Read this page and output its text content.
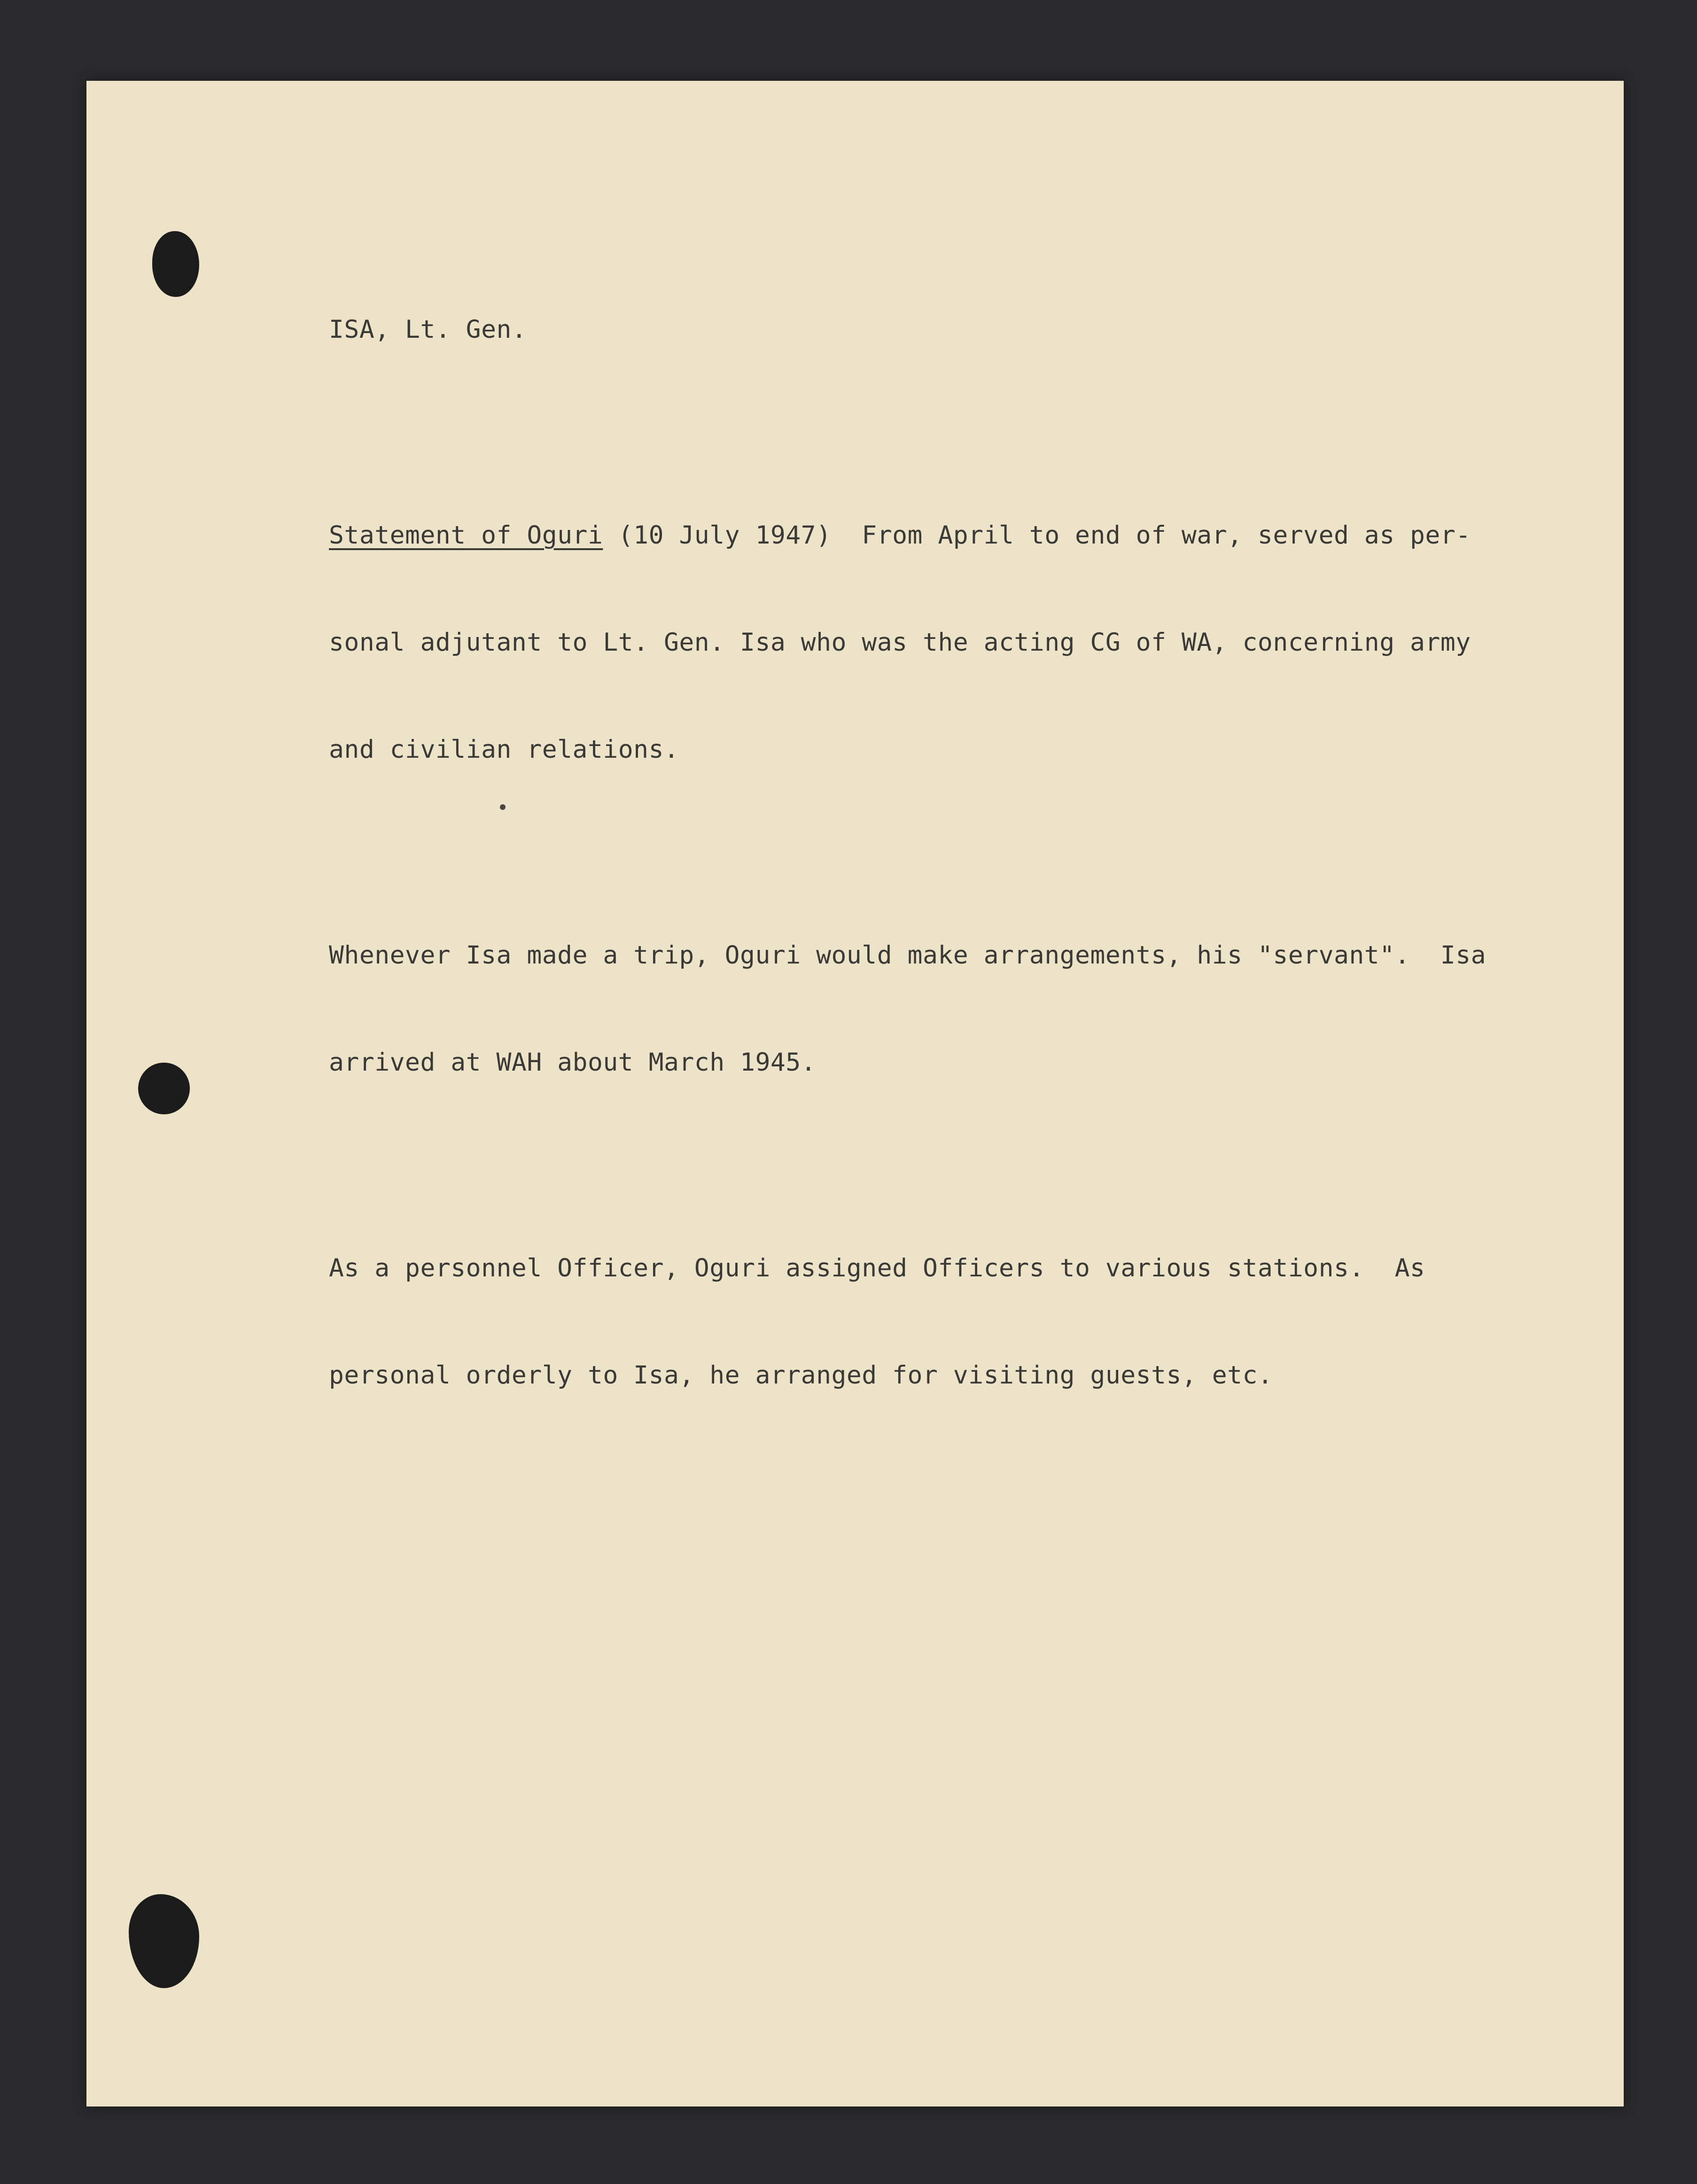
ISA, Lt. Gen.

Statement of Oguri (10 July 1947)  From April to end of war, served as per-

sonal adjutant to Lt. Gen. Isa who was the acting CG of WA, concerning army

and civilian relations.

Whenever Isa made a trip, Oguri would make arrangements, his "servant".  Isa

arrived at WAH about March 1945.

As a personnel Officer, Oguri assigned Officers to various stations.  As

personal orderly to Isa, he arranged for visiting guests, etc.
